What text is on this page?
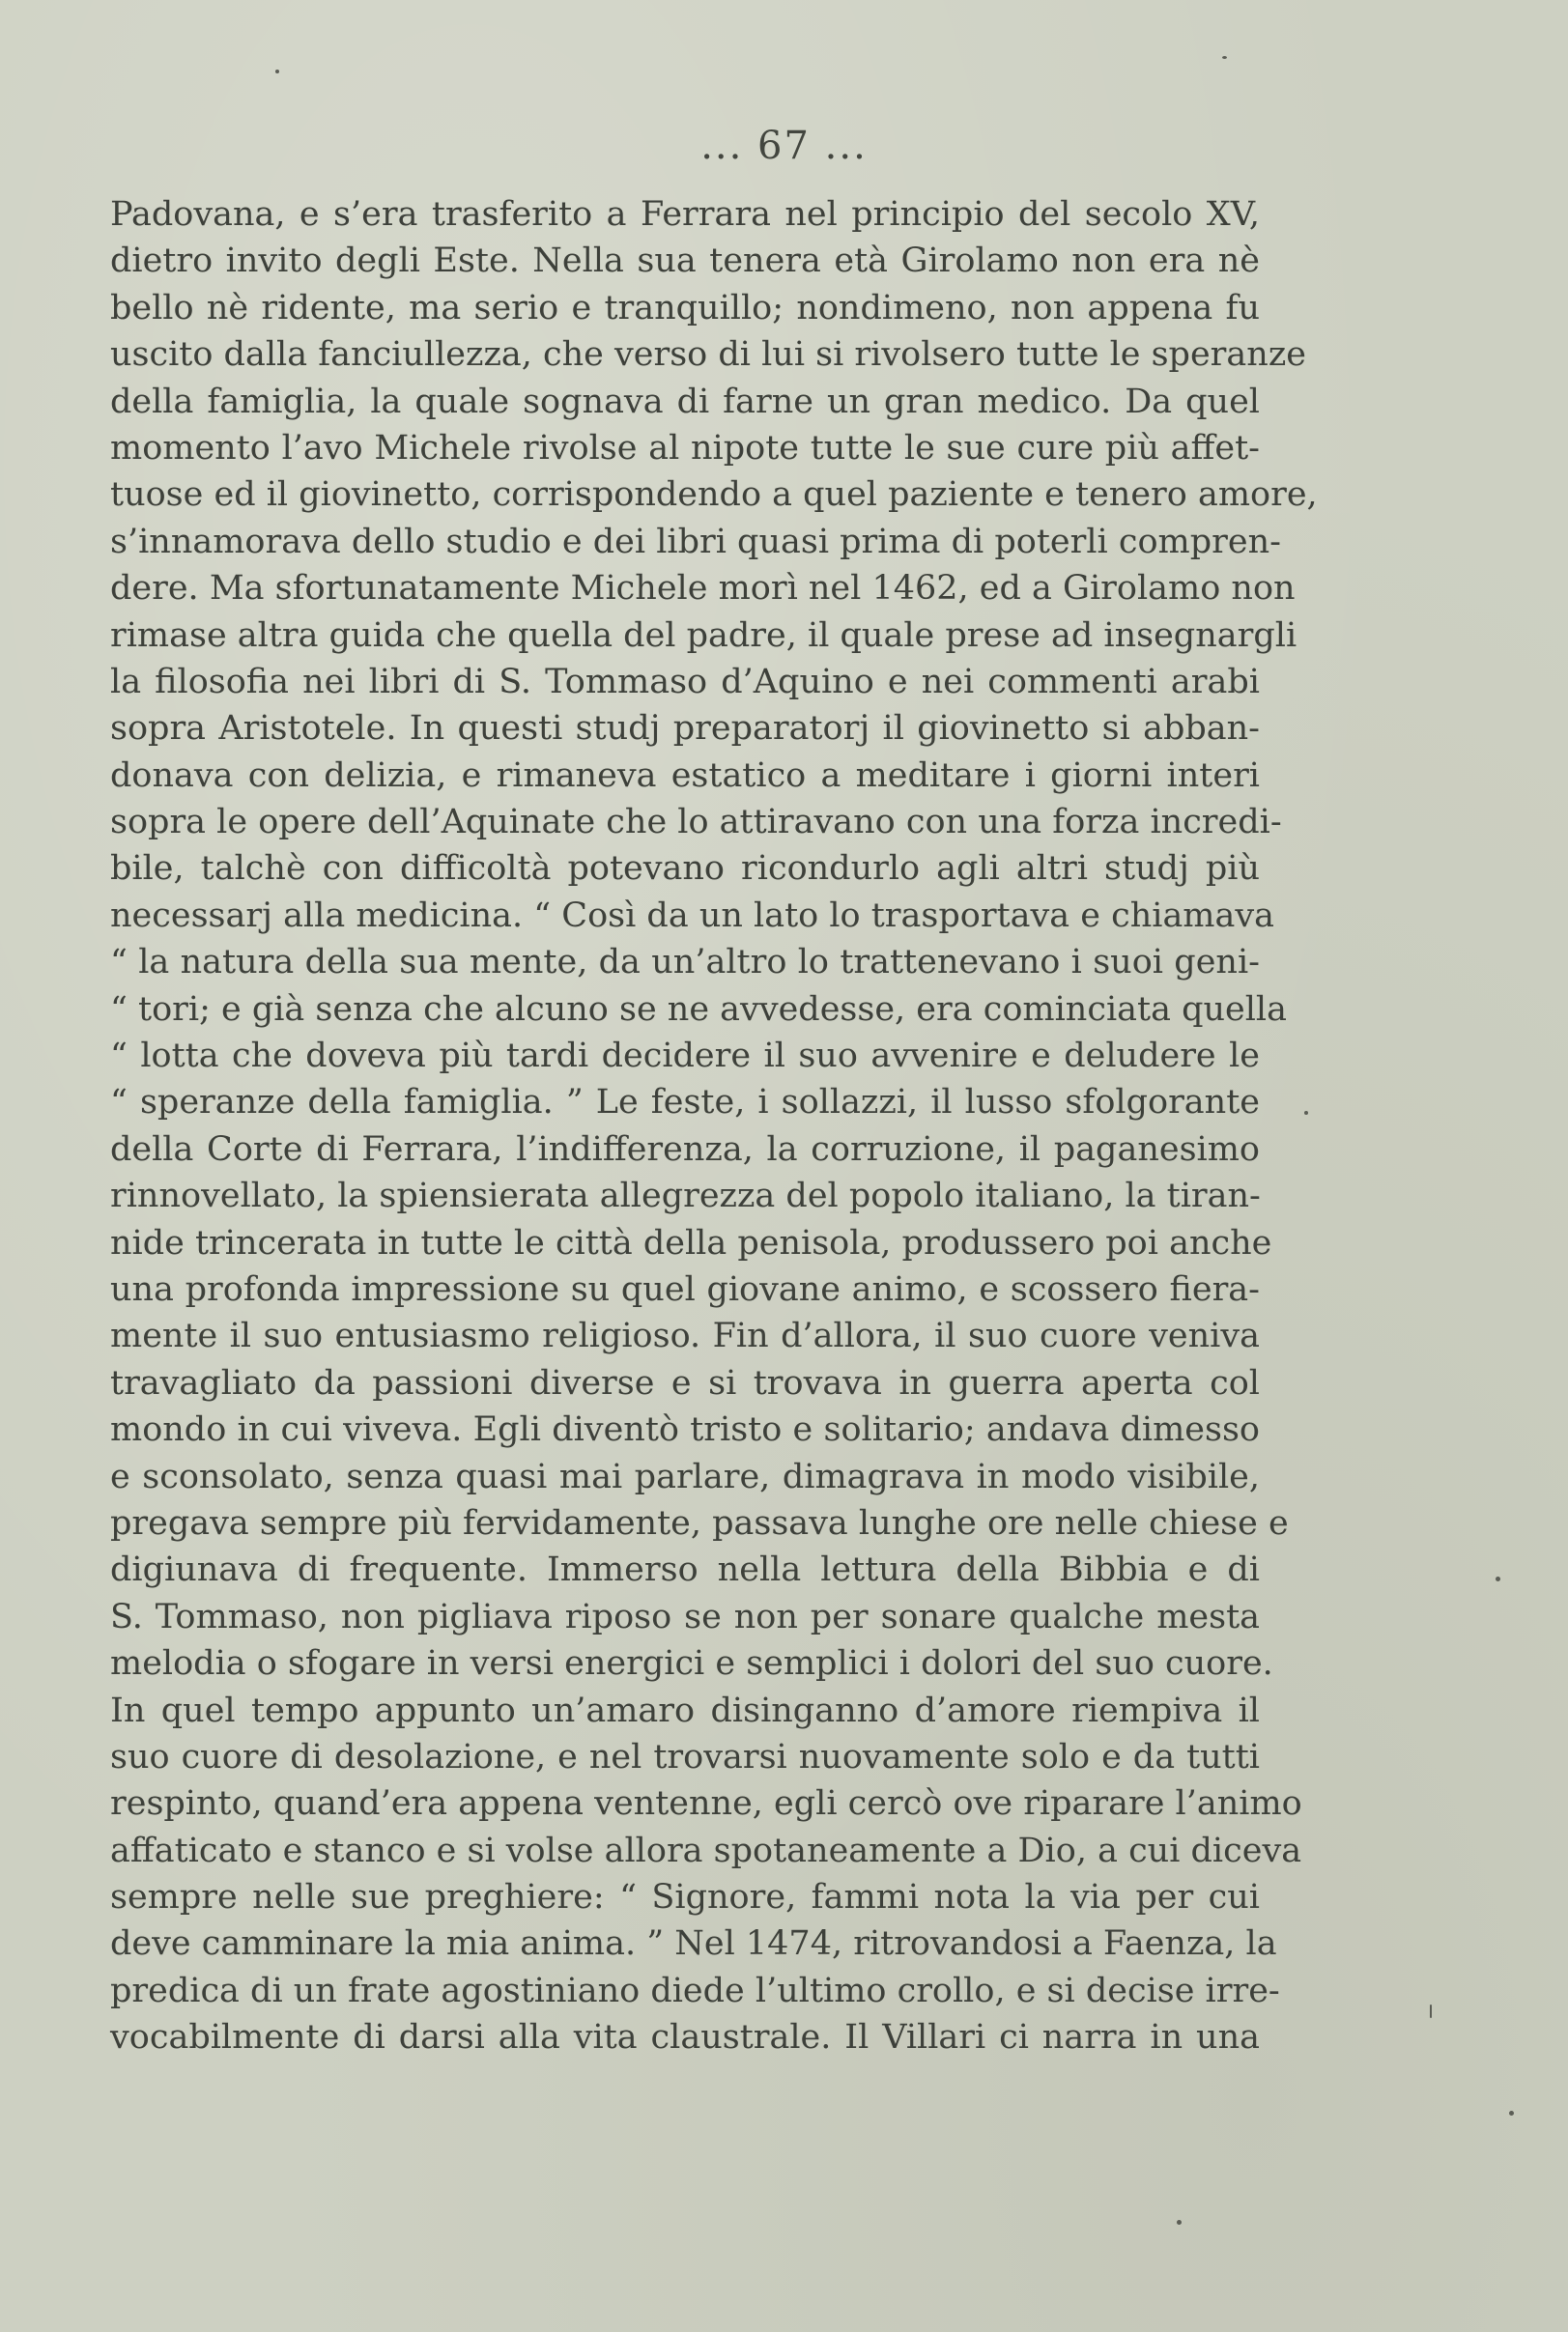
... 67 ...
Padovana, e s’era trasferito a Ferrara nel principio del secolo XV,
dietro invito degli Este. Nella sua tenera età Girolamo non era nè
bello nè ridente, ma serio e tranquillo; nondimeno, non appena fu
uscito dalla fanciullezza, che verso di lui si rivolsero tutte le speranze
della famiglia, la quale sognava di farne un gran medico. Da quel
momento l’avo Michele rivolse al nipote tutte le sue cure più affet-
tuose ed il giovinetto, corrispondendo a quel paziente e tenero amore,
s’innamorava dello studio e dei libri quasi prima di poterli compren-
dere. Ma sfortunatamente Michele morì nel 1462, ed a Girolamo non
rimase altra guida che quella del padre, il quale prese ad insegnargli
la filosofia nei libri di S. Tommaso d’Aquino e nei commenti arabi
sopra Aristotele. In questi studj preparatorj il giovinetto si abban-
donava con delizia, e rimaneva estatico a meditare i giorni interi
sopra le opere dell’Aquinate che lo attiravano con una forza incredi-
bile, talchè con difficoltà potevano ricondurlo agli altri studj più
necessarj alla medicina. “ Così da un lato lo trasportava e chiamava
“ la natura della sua mente, da un’altro lo trattenevano i suoi geni-
“ tori; e già senza che alcuno se ne avvedesse, era cominciata quella
“ lotta che doveva più tardi decidere il suo avvenire e deludere le
“ speranze della famiglia. ” Le feste, i sollazzi, il lusso sfolgorante
della Corte di Ferrara, l’indifferenza, la corruzione, il paganesimo
rinnovellato, la spiensierata allegrezza del popolo italiano, la tiran-
nide trincerata in tutte le città della penisola, produssero poi anche
una profonda impressione su quel giovane animo, e scossero fiera-
mente il suo entusiasmo religioso. Fin d’allora, il suo cuore veniva
travagliato da passioni diverse e si trovava in guerra aperta col
mondo in cui viveva. Egli diventò tristo e solitario; andava dimesso
e sconsolato, senza quasi mai parlare, dimagrava in modo visibile,
pregava sempre più fervidamente, passava lunghe ore nelle chiese e
digiunava di frequente. Immerso nella lettura della Bibbia e di
S. Tommaso, non pigliava riposo se non per sonare qualche mesta
melodia o sfogare in versi energici e semplici i dolori del suo cuore.
In quel tempo appunto un’amaro disinganno d’amore riempiva il
suo cuore di desolazione, e nel trovarsi nuovamente solo e da tutti
respinto, quand’era appena ventenne, egli cercò ove riparare l’animo
affaticato e stanco e si volse allora spotaneamente a Dio, a cui diceva
sempre nelle sue preghiere: “ Signore, fammi nota la via per cui
deve camminare la mia anima. ” Nel 1474, ritrovandosi a Faenza, la
predica di un frate agostiniano diede l’ultimo crollo, e si decise irre-
vocabilmente di darsi alla vita claustrale. Il Villari ci narra in una
